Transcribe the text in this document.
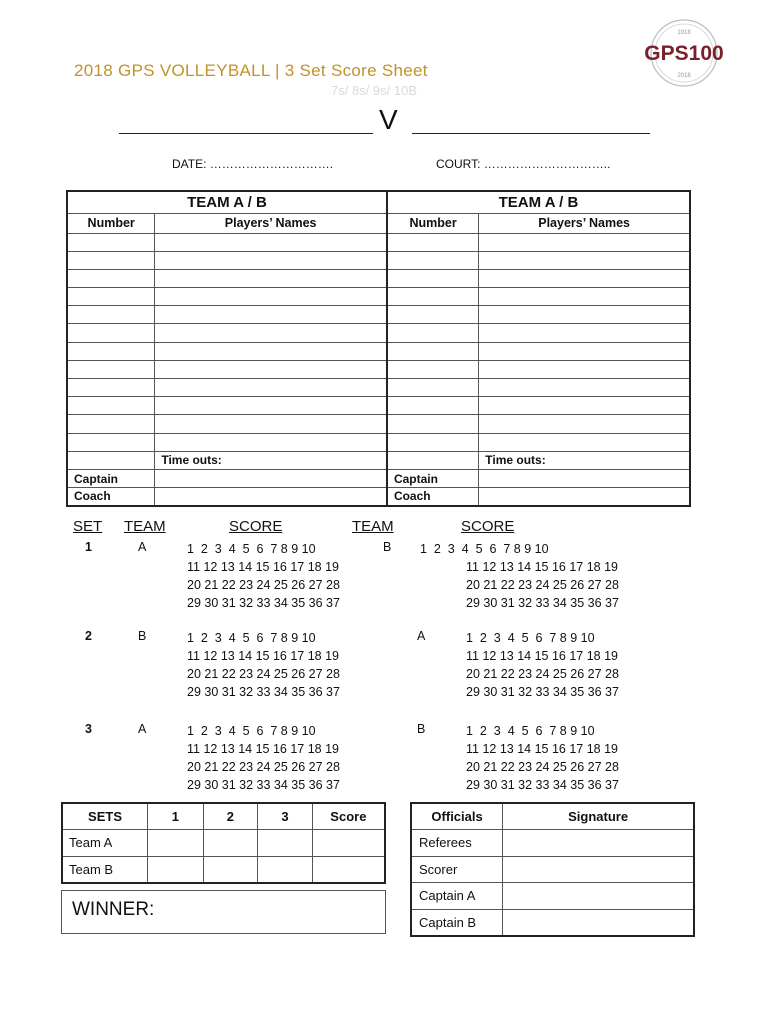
2018 GPS VOLLEYBALL | 3 Set Score Sheet
7s/ 8s/ 9s/ 10B
1918
GPS100
2018
V
DATE: ………………………….	COURT: …………………………..
TEAM A / B		TEAM A / B	
Number	Players’ Names	Number	Players’ Names

	Time outs:		Time outs:
Captain		Captain	
Coach		Coach	
SET TEAM	SCORE	TEAM	SCORE
1	A	1  2  3  4  5  6  7 8 9 10
11 12 13 14 15 16 17 18 19
20 21 22 23 24 25 26 27 28
29 30 31 32 33 34 35 36 37
B 1  2  3  4  5  6  7 8 9 10
11 12 13 14 15 16 17 18 19
20 21 22 23 24 25 26 27 28
29 30 31 32 33 34 35 36 37
2	B	1  2  3  4  5  6  7 8 9 10
11 12 13 14 15 16 17 18 19
20 21 22 23 24 25 26 27 28
29 30 31 32 33 34 35 36 37
A	1  2  3  4  5  6  7 8 9 10
11 12 13 14 15 16 17 18 19
20 21 22 23 24 25 26 27 28
29 30 31 32 33 34 35 36 37
3	A	1  2  3  4  5  6  7 8 9 10
11 12 13 14 15 16 17 18 19
20 21 22 23 24 25 26 27 28
29 30 31 32 33 34 35 36 37
B	1  2  3  4  5  6  7 8 9 10
11 12 13 14 15 16 17 18 19
20 21 22 23 24 25 26 27 28
29 30 31 32 33 34 35 36 37
SETS	1	2	3	Score
Team A				
Team B				
WINNER:
Officials	Signature
Referees	
Scorer	
Captain A	
Captain B	
